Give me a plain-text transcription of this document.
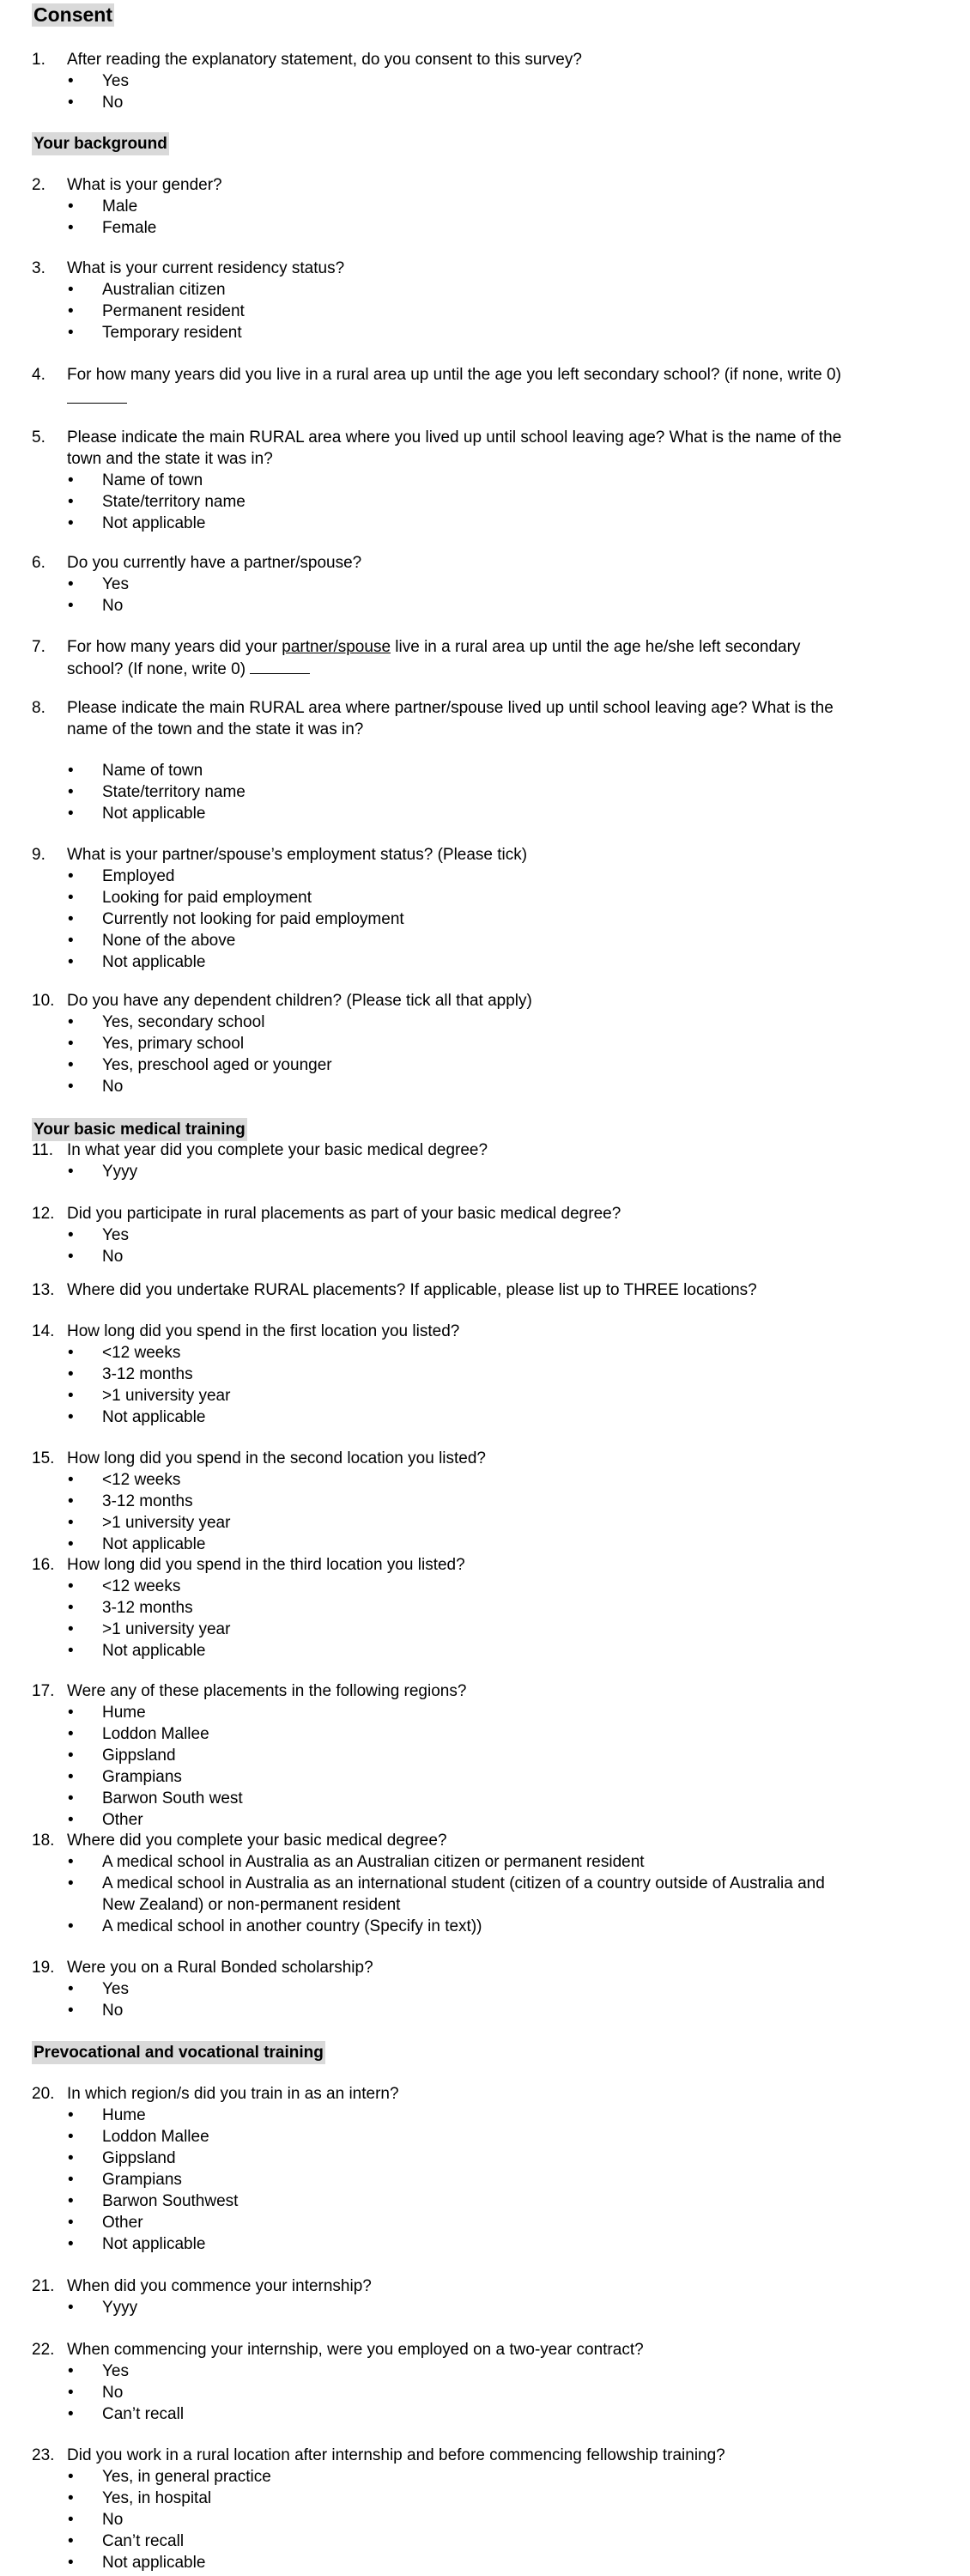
Consent
1. After reading the explanatory statement, do you consent to this survey?
• Yes
• No
Your background
2. What is your gender?
• Male
• Female
3. What is your current residency status?
• Australian citizen
• Permanent resident
• Temporary resident
4. For how many years did you live in a rural area up until the age you left secondary school? (if none, write 0)
5. Please indicate the main RURAL area where you lived up until school leaving age? What is the name of the
town and the state it was in?
• Name of town
• State/territory name
• Not applicable
6. Do you currently have a partner/spouse?
• Yes
• No
7. For how many years did your partner/spouse live in a rural area up until the age he/she left secondary
school? (If none, write 0)
8. Please indicate the main RURAL area where partner/spouse lived up until school leaving age? What is the
name of the town and the state it was in?
• Name of town
• State/territory name
• Not applicable
9. What is your partner/spouse’s employment status? (Please tick)
• Employed
• Looking for paid employment
• Currently not looking for paid employment
• None of the above
• Not applicable
10. Do you have any dependent children? (Please tick all that apply)
• Yes, secondary school
• Yes, primary school
• Yes, preschool aged or younger
• No
Your basic medical training
11. In what year did you complete your basic medical degree?
• Yyyy
12. Did you participate in rural placements as part of your basic medical degree?
• Yes
• No
13. Where did you undertake RURAL placements? If applicable, please list up to THREE locations?
14. How long did you spend in the first location you listed?
• <12 weeks
• 3-12 months
• >1 university year
• Not applicable
15. How long did you spend in the second location you listed?
• <12 weeks
• 3-12 months
• >1 university year
• Not applicable
16. How long did you spend in the third location you listed?
• <12 weeks
• 3-12 months
• >1 university year
• Not applicable
17. Were any of these placements in the following regions?
• Hume
• Loddon Mallee
• Gippsland
• Grampians
• Barwon South west
• Other
18. Where did you complete your basic medical degree?
• A medical school in Australia as an Australian citizen or permanent resident
• A medical school in Australia as an international student (citizen of a country outside of Australia and
New Zealand) or non-permanent resident
• A medical school in another country (Specify in text))
19. Were you on a Rural Bonded scholarship?
• Yes
• No
Prevocational and vocational training
20. In which region/s did you train in as an intern?
• Hume
• Loddon Mallee
• Gippsland
• Grampians
• Barwon Southwest
• Other
• Not applicable
21. When did you commence your internship?
• Yyyy
22. When commencing your internship, were you employed on a two-year contract?
• Yes
• No
• Can’t recall
23. Did you work in a rural location after internship and before commencing fellowship training?
• Yes, in general practice
• Yes, in hospital
• No
• Can’t recall
• Not applicable
